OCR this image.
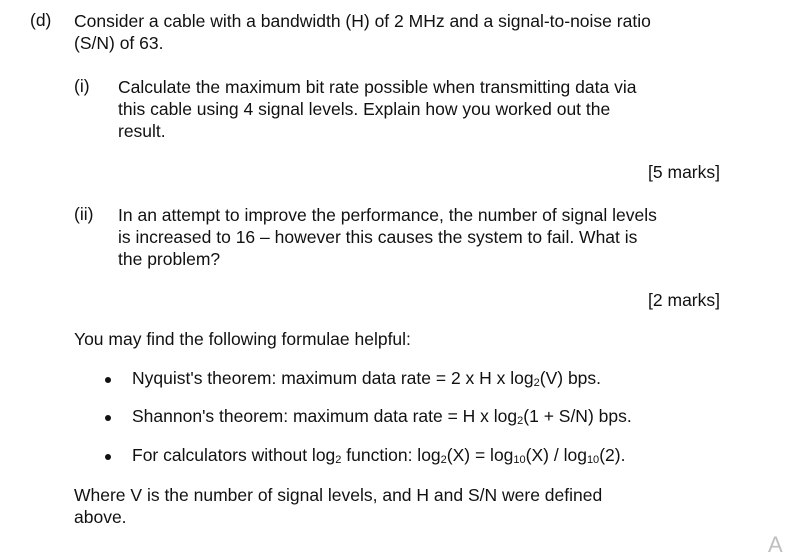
(d) Consider a cable with a bandwidth (H) of 2 MHz and a signal-to-noise ratio
(S/N) of 63.
(i) Calculate the maximum bit rate possible when transmitting data via
this cable using 4 signal levels. Explain how you worked out the
result.
[5 marks]
(ii) In an attempt to improve the performance, the number of signal levels
is increased to 16 – however this causes the system to fail. What is
the problem?
[2 marks]
You may find the following formulae helpful:
Nyquist's theorem: maximum data rate = 2 x H x $\log_2(V)$ bps.
Shannon's theorem: maximum data rate = H x $\log_2(1 + S/N)$ bps.
For calculators without $\log_2$ function: $\log_2(X) = \log_{10}(X) / \log_{10}(2)$.
Where V is the number of signal levels, and H and S/N were defined
above.
A
